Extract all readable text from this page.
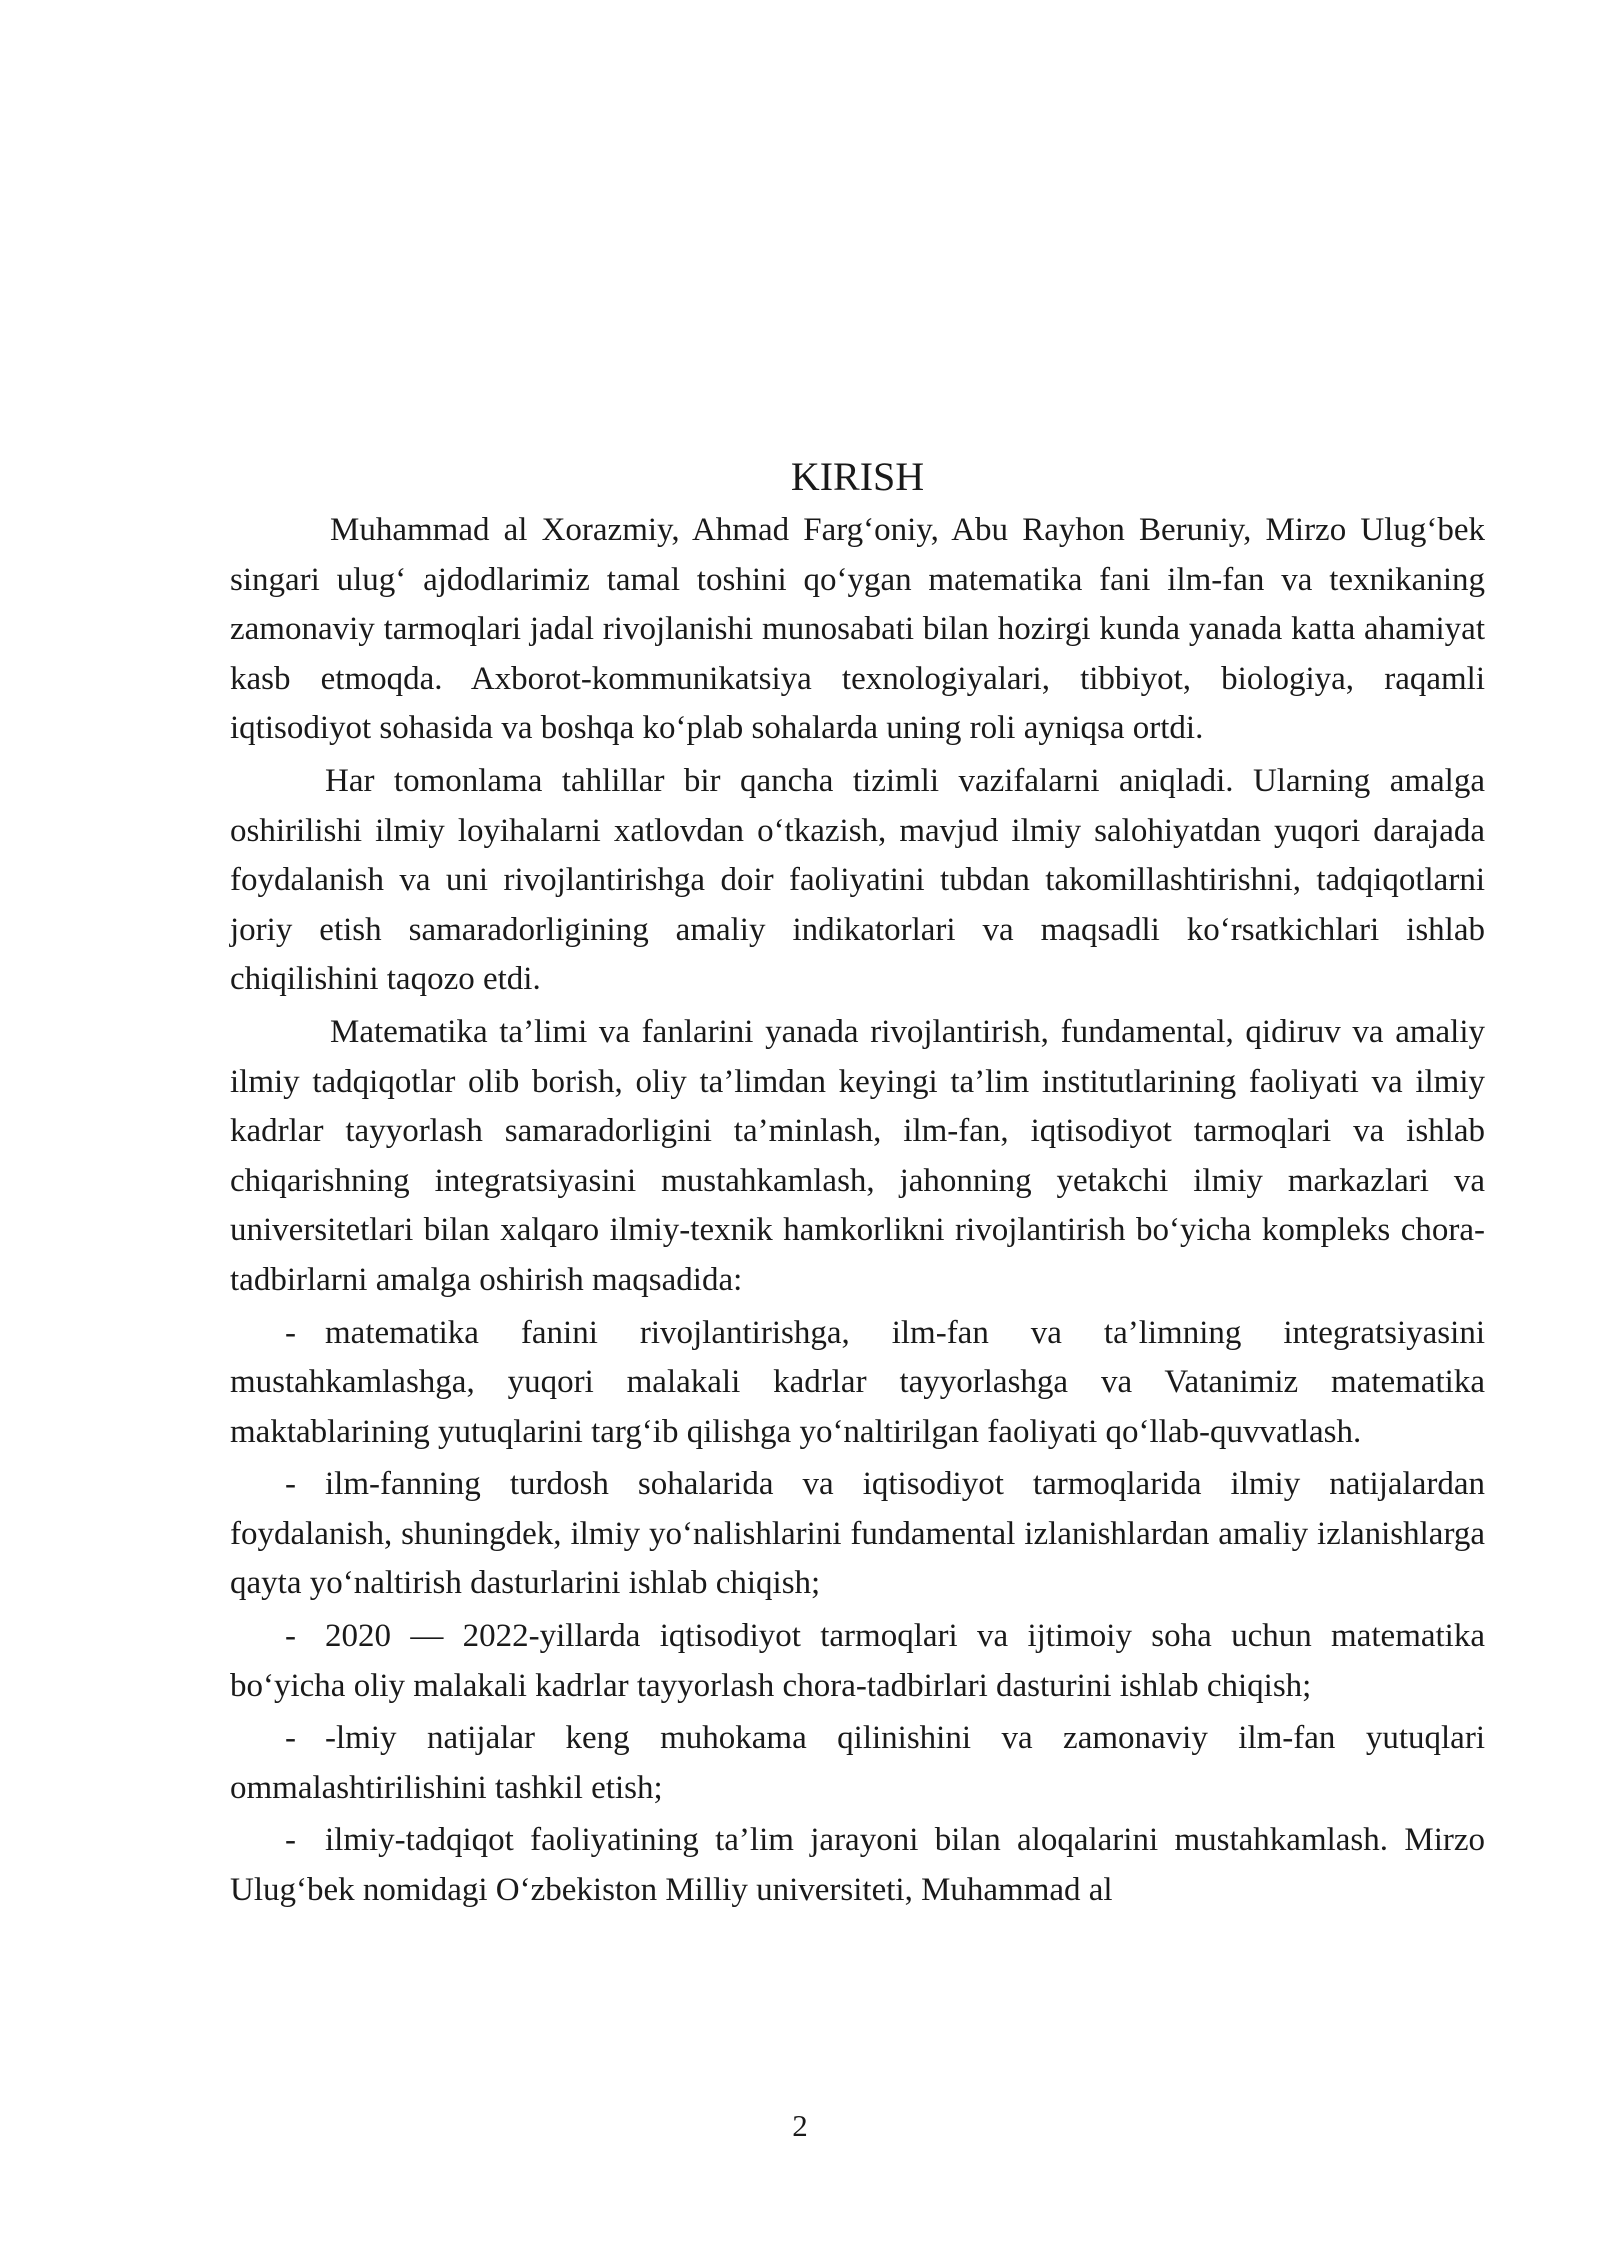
KIRISH

Muhammad al Xorazmiy, Ahmad Farg‘oniy, Abu Rayhon Beruniy, Mirzo Ulug‘bek singari ulug‘ ajdodlarimiz tamal toshini qo‘ygan matematika fani ilm-fan va texnikaning zamonaviy tarmoqlari jadal rivojlanishi munosabati bilan hozirgi kunda yanada katta ahamiyat kasb etmoqda. Axborot-kommunikatsiya texnologiyalari, tibbiyot, biologiya, raqamli iqtisodiyot sohasida va boshqa ko‘plab sohalarda uning roli ayniqsa ortdi.

Har tomonlama tahlillar bir qancha tizimli vazifalarni aniqladi. Ularning amalga oshirilishi ilmiy loyihalarni xatlovdan o‘tkazish, mavjud ilmiy salohiyatdan yuqori darajada foydalanish va uni rivojlantirishga doir faoliyatini tubdan takomillashtirishni, tadqiqotlarni joriy etish samaradorligining amaliy indikatorlari va maqsadli ko‘rsatkichlari ishlab chiqilishini taqozo etdi.

Matematika ta’limi va fanlarini yanada rivojlantirish, fundamental, qidiruv va amaliy ilmiy tadqiqotlar olib borish, oliy ta’limdan keyingi ta’lim institutlarining faoliyati va ilmiy kadrlar tayyorlash samaradorligini ta’minlash, ilm-fan, iqtisodiyot tarmoqlari va ishlab chiqarishning integratsiyasini mustahkamlash, jahonning yetakchi ilmiy markazlari va universitetlari bilan xalqaro ilmiy-texnik hamkorlikni rivojlantirish bo‘yicha kompleks chora-tadbirlarni amalga oshirish maqsadida:

- matematika fanini rivojlantirishga, ilm-fan va ta’limning integratsiyasini mustahkamlashga, yuqori malakali kadrlar tayyorlashga va Vatanimiz matematika maktablarining yutuqlarini targ‘ib qilishga yo‘naltirilgan faoliyati qo‘llab-quvvatlash.

- ilm-fanning turdosh sohalarida va iqtisodiyot tarmoqlarida ilmiy natijalardan foydalanish, shuningdek, ilmiy yo‘nalishlarini fundamental izlanishlardan amaliy izlanishlarga qayta yo‘naltirish dasturlarini ishlab chiqish;

- 2020 — 2022-yillarda iqtisodiyot tarmoqlari va ijtimoiy soha uchun matematika bo‘yicha oliy malakali kadrlar tayyorlash chora-tadbirlari dasturini ishlab chiqish;

- -lmiy natijalar keng muhokama qilinishini va zamonaviy ilm-fan yutuqlari ommalashtirilishini tashkil etish;

- ilmiy-tadqiqot faoliyatining ta’lim jarayoni bilan aloqalarini mustahkamlash. Mirzo Ulug‘bek nomidagi O‘zbekiston Milliy universiteti, Muhammad al

2
